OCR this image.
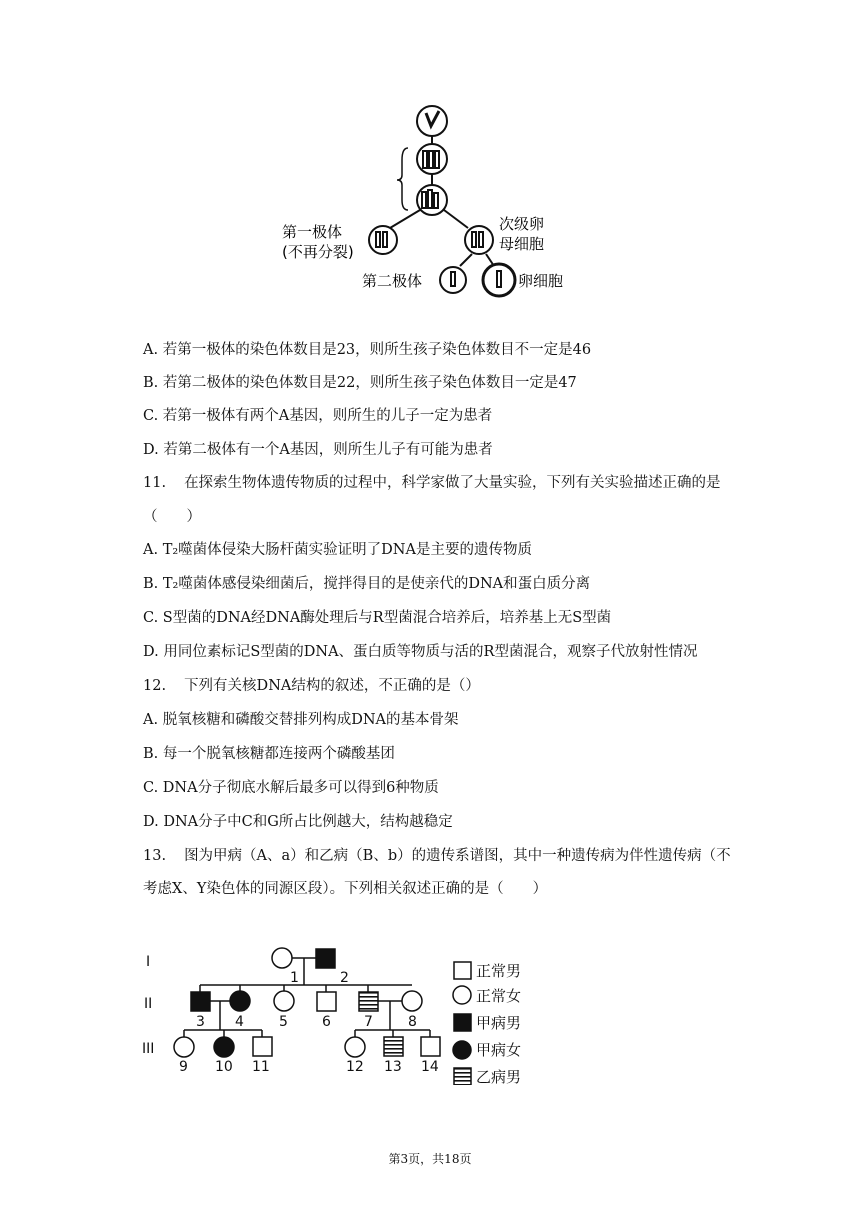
第一极体
(不再分裂)
次级卵
母细胞
第二极体	卵细胞
A. 若第一极体的染色体数目是23，则所生孩子染色体数目不一定是46
B. 若第二极体的染色体数目是22，则所生孩子染色体数目一定是47
C. 若第一极体有两个A基因，则所生的儿子一定为患者
D. 若第二极体有一个A基因，则所生儿子有可能为患者
11. 在探索生物体遗传物质的过程中，科学家做了大量实验，下列有关实验描述正确的是
（　　）
A. T₂噬菌体侵染大肠杆菌实验证明了DNA是主要的遗传物质
B. T₂噬菌体感侵染细菌后，搅拌得目的是使亲代的DNA和蛋白质分离
C. S型菌的DNA经DNA酶处理后与R型菌混合培养后，培养基上无S型菌
D. 用同位素标记S型菌的DNA、蛋白质等物质与活的R型菌混合，观察子代放射性情况
12. 下列有关核DNA结构的叙述，不正确的是（）
A. 脱氧核糖和磷酸交替排列构成DNA的基本骨架
B. 每一个脱氧核糖都连接两个磷酸基团
C. DNA分子彻底水解后最多可以得到6种物质
D. DNA分子中C和G所占比例越大，结构越稳定
13. 图为甲病（A、a）和乙病（B、b）的遗传系谱图，其中一种遗传病为伴性遗传病（不
考虑X、Y染色体的同源区段）。下列相关叙述正确的是（　　）
I
II
III
1	2
3 4	5 6 7	8
9 10 11	12 13 14
正常男
正常女
甲病男
甲病女
乙病男
第3页，共18页
